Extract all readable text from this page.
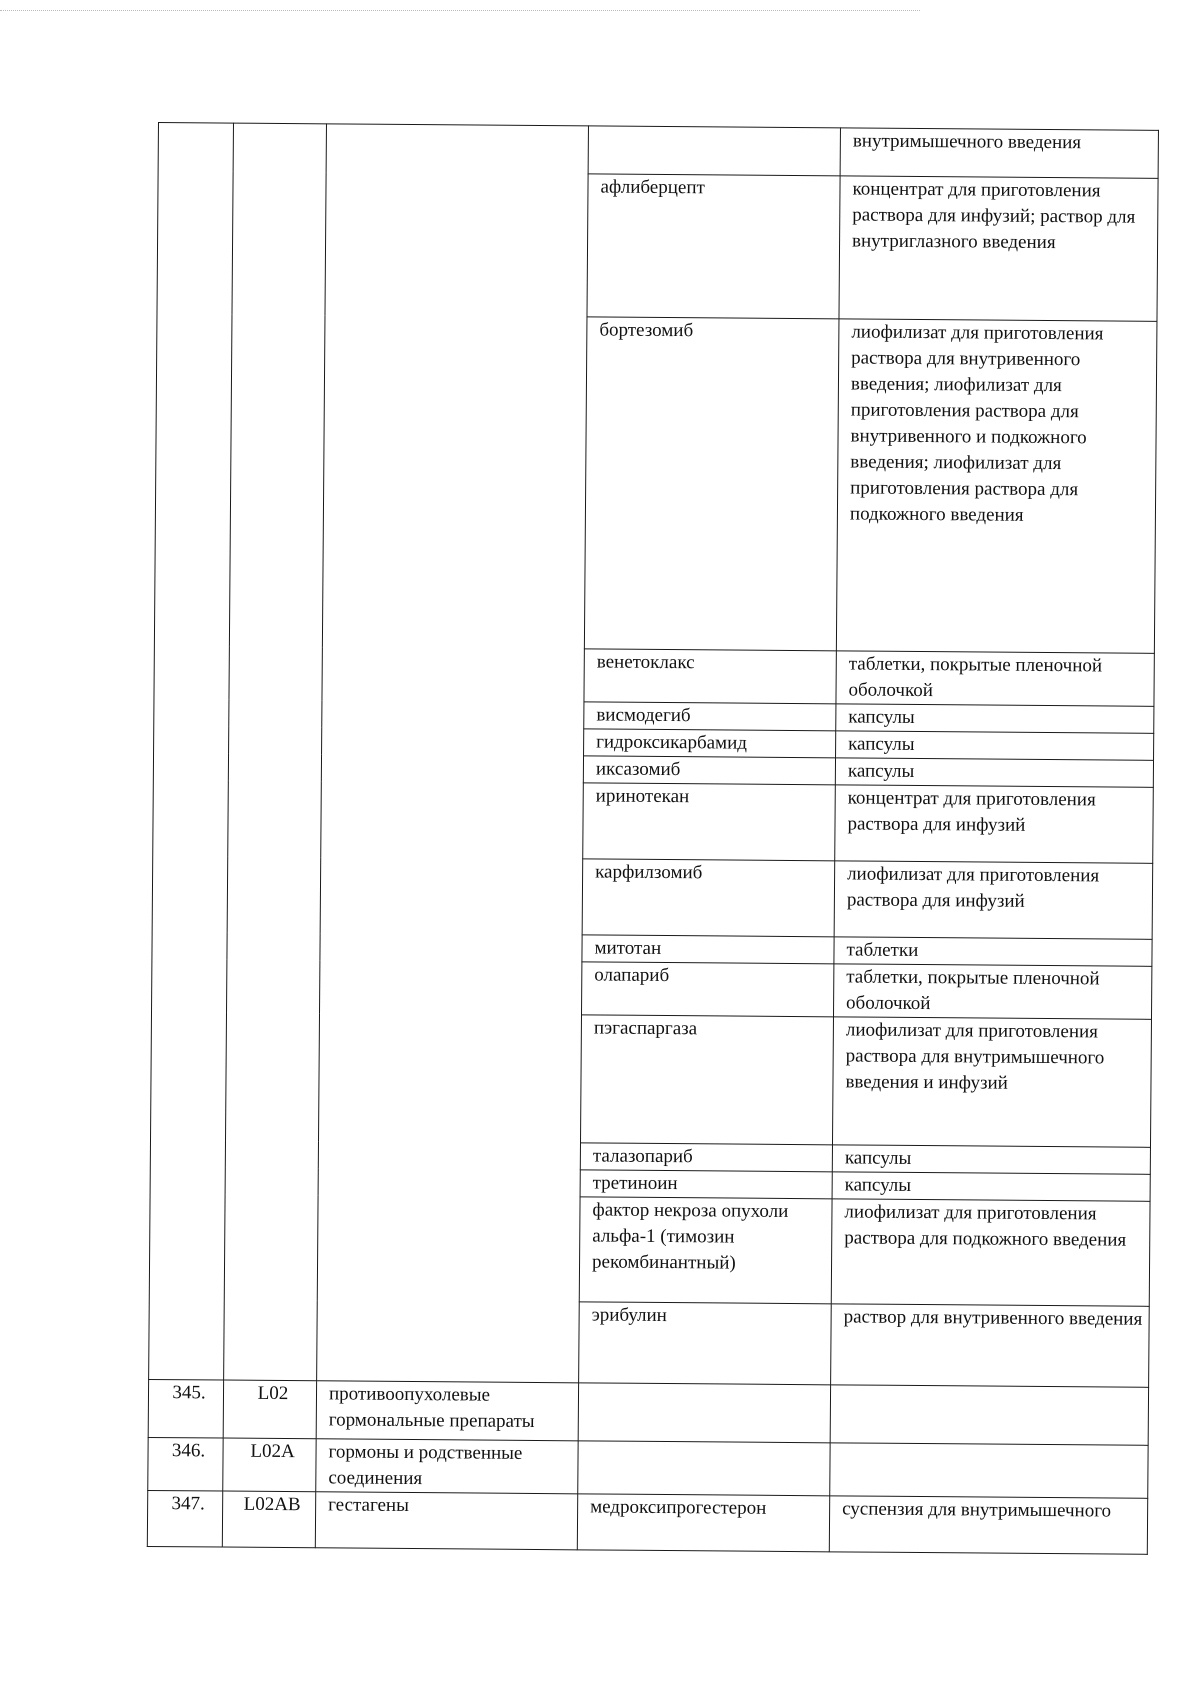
				внутримышечного введения
			афлиберцепт	концентрат для приготовления раствора для инфузий; раствор для внутриглазного введения
			бортезомиб	лиофилизат для приготовления раствора для внутривенного введения; лиофилизат для приготовления раствора для внутривенного и подкожного введения; лиофилизат для приготовления раствора для подкожного введения
			венетоклакс	таблетки, покрытые пленочной оболочкой
			висмодегиб	капсулы
			гидроксикарбамид	капсулы
			иксазомиб	капсулы
			иринотекан	концентрат для приготовления раствора для инфузий
			карфилзомиб	лиофилизат для приготовления раствора для инфузий
			митотан	таблетки
			олапариб	таблетки, покрытые пленочной оболочкой
			пэгаспаргаза	лиофилизат для приготовления раствора для внутримышечного введения и инфузий
			талазопариб	капсулы
			третиноин	капсулы
			фактор некроза опухоли альфа-1 (тимозин рекомбинантный)	лиофилизат для приготовления раствора для подкожного введения
			эрибулин	раствор для внутривенного введения
345.	L02	противоопухолевые гормональные препараты		
346.	L02A	гормоны и родственные соединения		
347.	L02AB	гестагены	медроксипрогестерон	суспензия для внутримышечного
